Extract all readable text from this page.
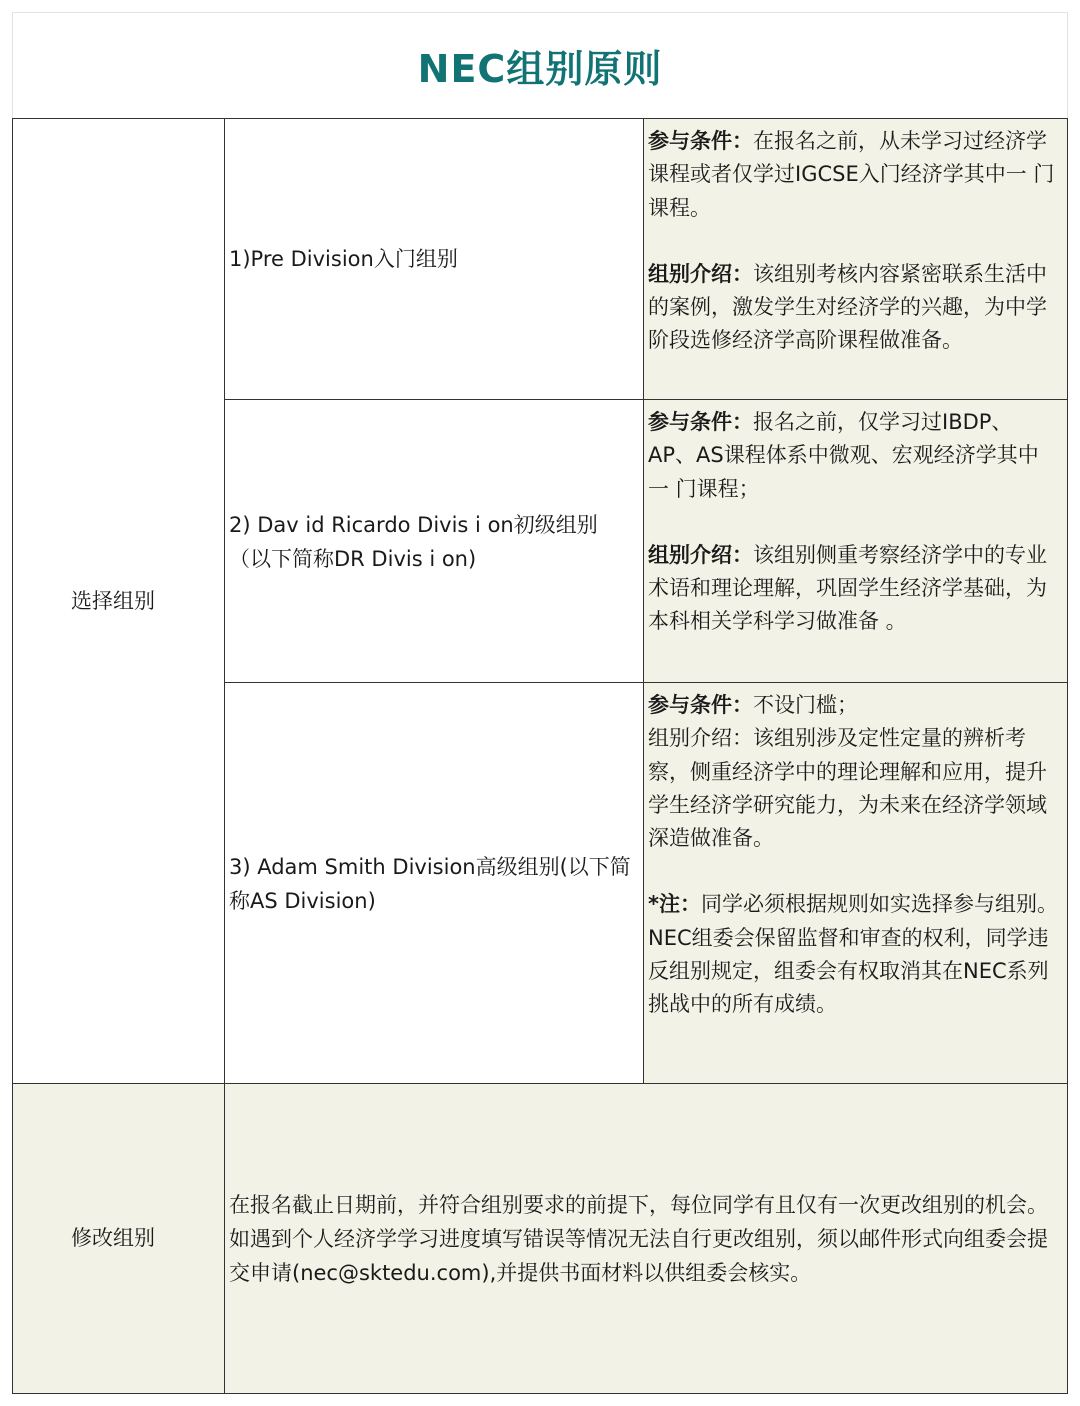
NEC组别原则
选择组别
1)Pre Division入门组别

参与条件：在报名之前，从未学习过经济学课程或者仅学过IGCSE入门经济学其中一 门课程。

组别介绍：该组别考核内容紧密联系生活中的案例，激发学生对经济学的兴趣，为中学阶段选修经济学高阶课程做准备。

2) Dav id Ricardo Divis i on初级组别（以下简称DR Divis i on)

参与条件：报名之前，仅学习过IBDP、AP、AS课程体系中微观、宏观经济学其中一 门课程；

组别介绍：该组别侧重考察经济学中的专业术语和理论理解，巩固学生经济学基础，为本科相关学科学习做准备 。

3) Adam Smith Division高级组别(以下简称AS Division)

参与条件：不设门槛；

组别介绍：该组别涉及定性定量的辨析考察，侧重经济学中的理论理解和应用，提升学生经济学研究能力，为未来在经济学领域深造做准备。

*注：同学必须根据规则如实选择参与组别。NEC组委会保留监督和审查的权利，同学违反组别规定，组委会有权取消其在NEC系列挑战中的所有成绩。

修改组别

在报名截止日期前，并符合组别要求的前提下，每位同学有且仅有一次更改组别的机会。如遇到个人经济学学习进度填写错误等情况无法自行更改组别，须以邮件形式向组委会提交申请(nec@sktedu.com),并提供书面材料以供组委会核实。
